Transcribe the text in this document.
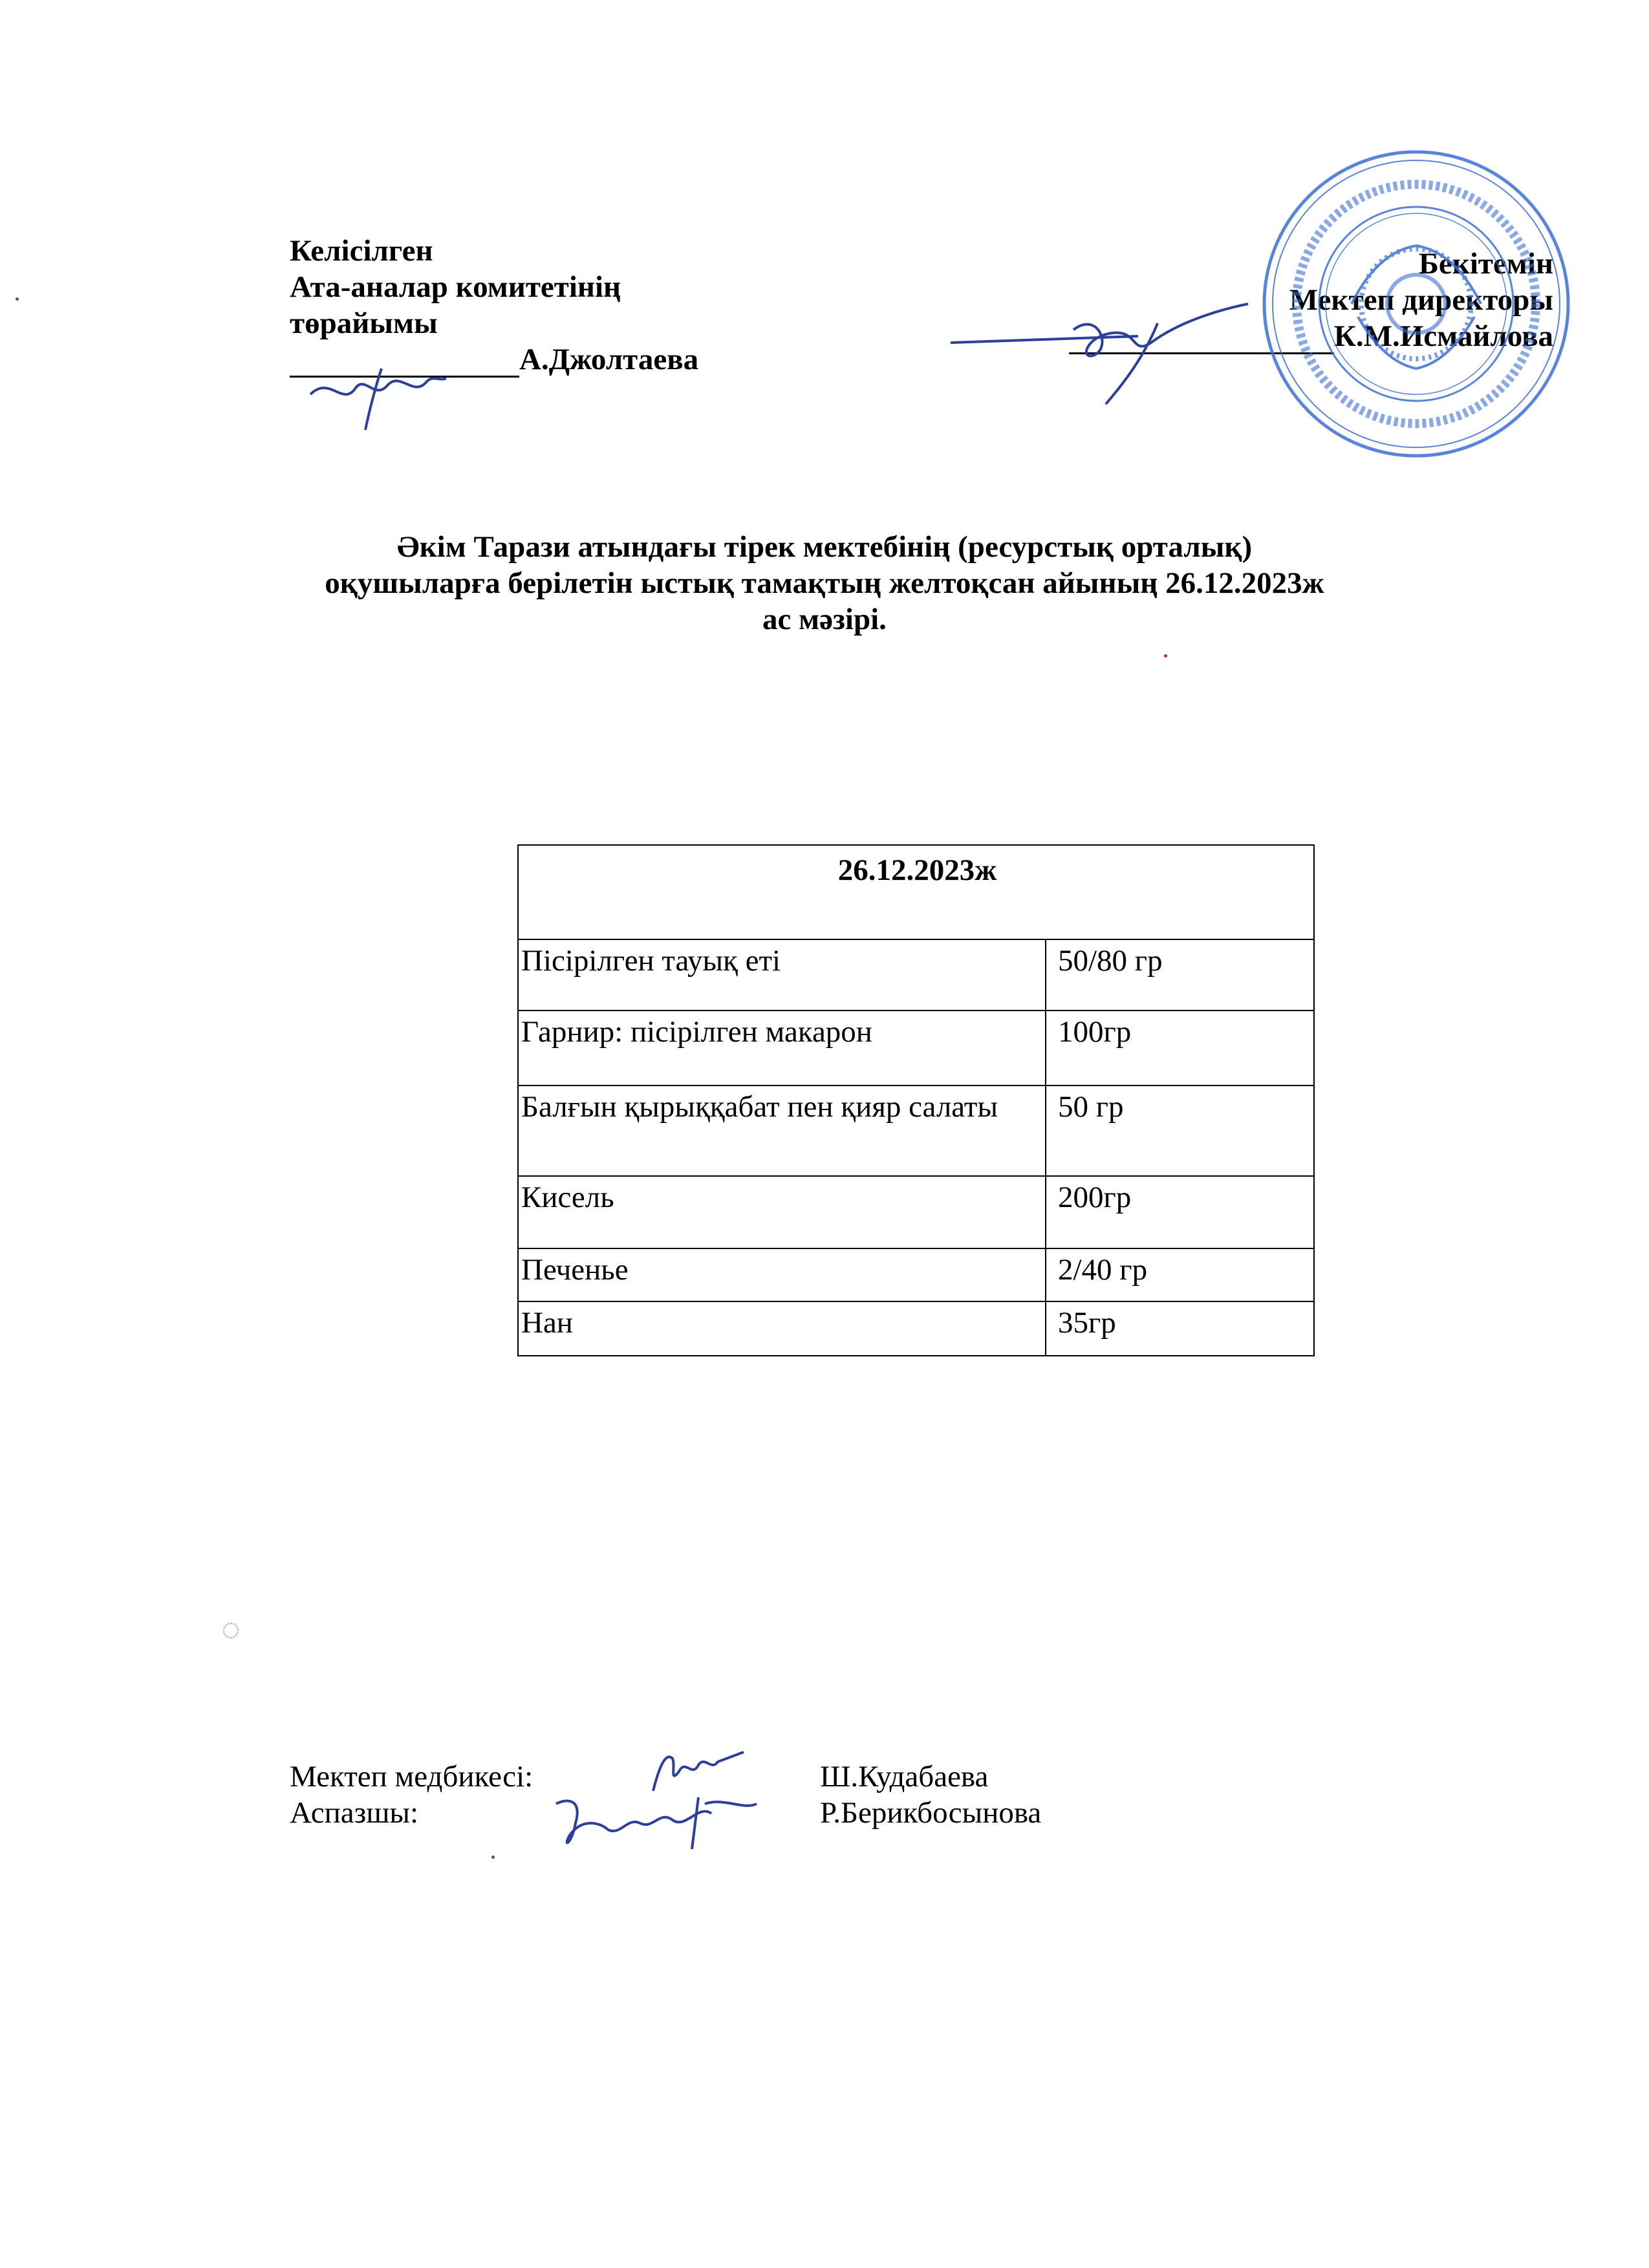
Келісілген
Ата-аналар комитетінің
төрайымы
А.Джолтаева
Бекітемін
Мектеп директоры
К.М.Исмайлова
Әкім Тарази атындағы тірек мектебінің (ресурстық орталық)
оқушыларға берілетін ыстық тамақтың желтоқсан айының 26.12.2023ж
ас мәзірі.
26.12.2023ж	
Пісірілген тауық еті	50/80 гр
Гарнир: пісірілген макарон	100гр
Балғын қырыққабат пен қияр салаты	50 гр
Кисель	200гр
Печенье	2/40 гр
Нан	35гр
Мектеп медбикесі:	Ш.Кудабаева
Аспазшы:	Р.Берикбосынова
